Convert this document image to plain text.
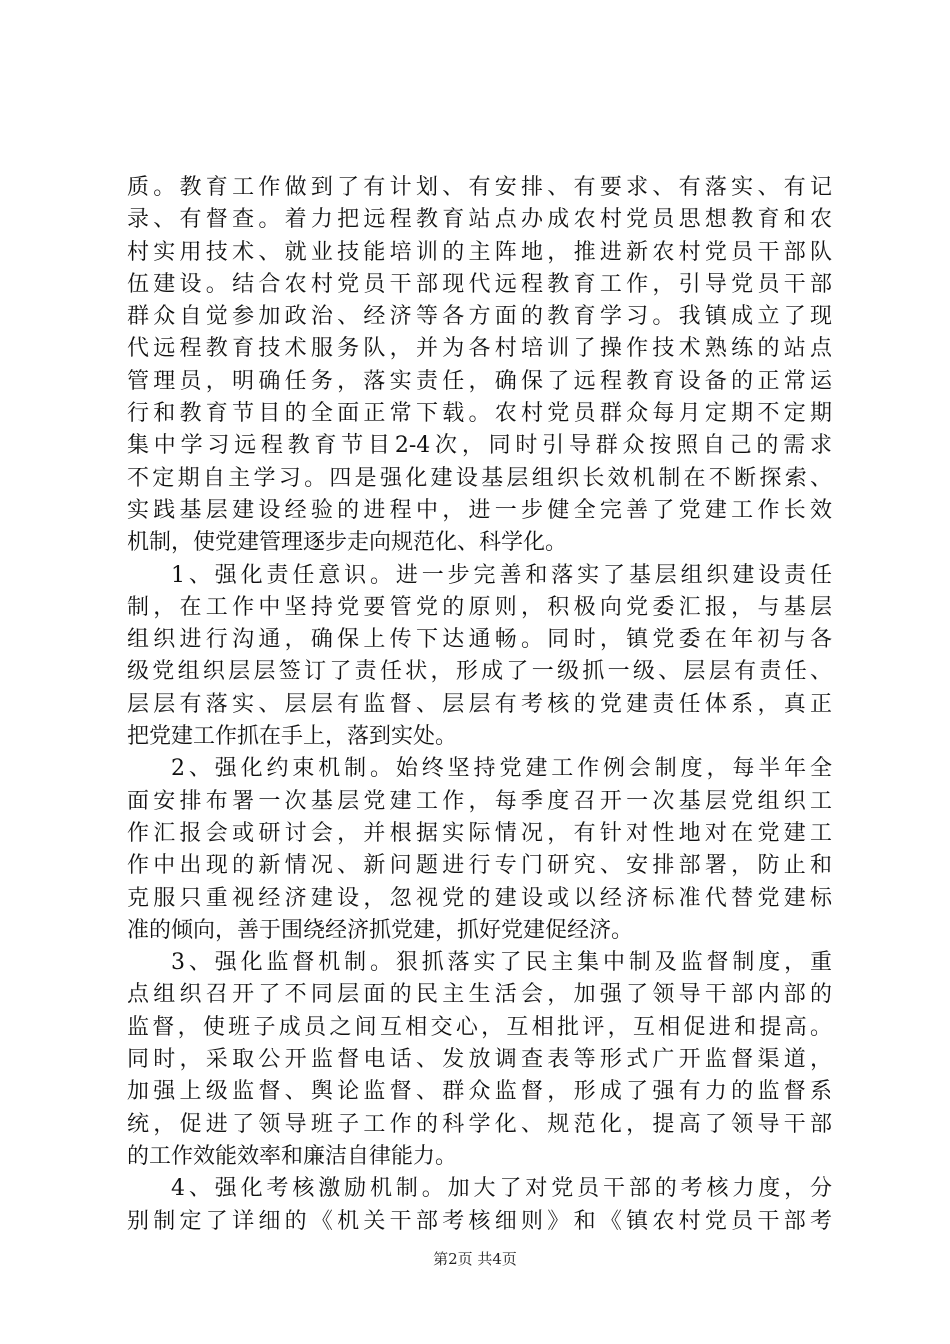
质。教育工作做到了有计划、有安排、有要求、有落实、有记
录、有督查。着力把远程教育站点办成农村党员思想教育和农
村实用技术、就业技能培训的主阵地，推进新农村党员干部队
伍建设。结合农村党员干部现代远程教育工作，引导党员干部
群众自觉参加政治、经济等各方面的教育学习。我镇成立了现
代远程教育技术服务队，并为各村培训了操作技术熟练的站点
管理员，明确任务，落实责任，确保了远程教育设备的正常运
行和教育节目的全面正常下载。农村党员群众每月定期不定期
集中学习远程教育节目2-4次，同时引导群众按照自己的需求
不定期自主学习。四是强化建设基层组织长效机制在不断探索、
实践基层建设经验的进程中，进一步健全完善了党建工作长效
机制，使党建管理逐步走向规范化、科学化。
1、强化责任意识。进一步完善和落实了基层组织建设责任
制，在工作中坚持党要管党的原则，积极向党委汇报，与基层
组织进行沟通，确保上传下达通畅。同时，镇党委在年初与各
级党组织层层签订了责任状，形成了一级抓一级、层层有责任、
层层有落实、层层有监督、层层有考核的党建责任体系，真正
把党建工作抓在手上，落到实处。
2、强化约束机制。始终坚持党建工作例会制度，每半年全
面安排布署一次基层党建工作，每季度召开一次基层党组织工
作汇报会或研讨会，并根据实际情况，有针对性地对在党建工
作中出现的新情况、新问题进行专门研究、安排部署，防止和
克服只重视经济建设，忽视党的建设或以经济标准代替党建标
准的倾向，善于围绕经济抓党建，抓好党建促经济。
3、强化监督机制。狠抓落实了民主集中制及监督制度，重
点组织召开了不同层面的民主生活会，加强了领导干部内部的
监督，使班子成员之间互相交心，互相批评，互相促进和提高。
同时，采取公开监督电话、发放调查表等形式广开监督渠道，
加强上级监督、舆论监督、群众监督，形成了强有力的监督系
统，促进了领导班子工作的科学化、规范化，提高了领导干部
的工作效能效率和廉洁自律能力。
4、强化考核激励机制。加大了对党员干部的考核力度，分
别制定了详细的《机关干部考核细则》和《镇农村党员干部考
第2页 共4页
